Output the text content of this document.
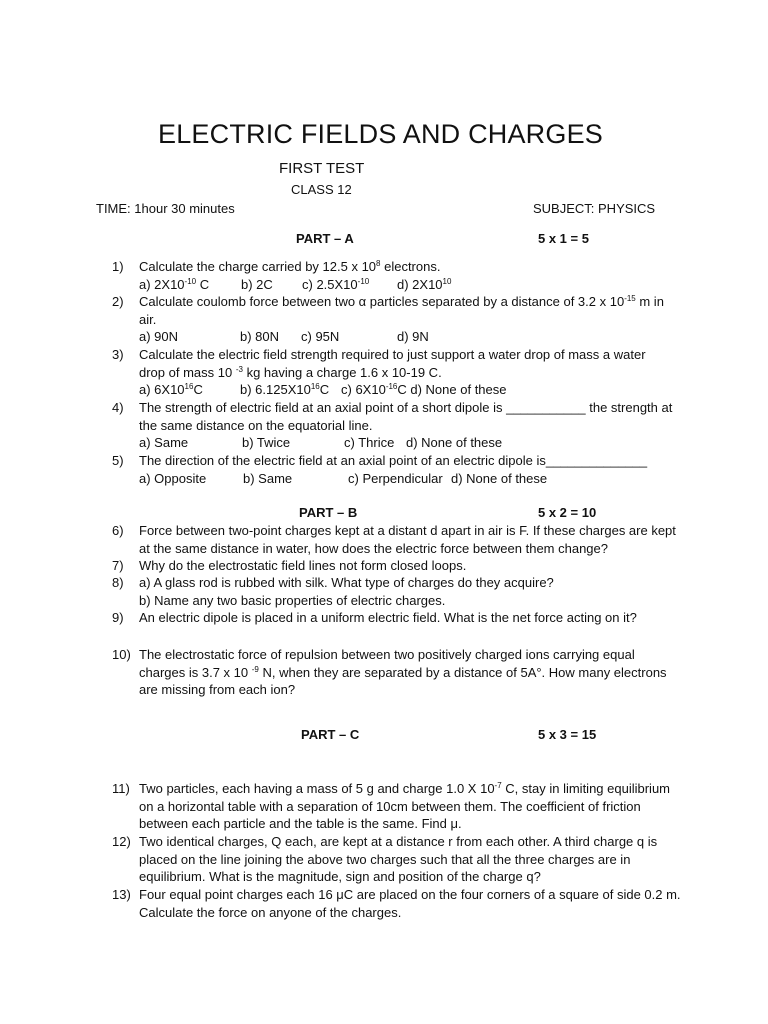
ELECTRIC FIELDS AND CHARGES
FIRST TEST
CLASS 12
TIME: 1hour 30 minutes	SUBJECT: PHYSICS
PART – A	5 x 1 = 5
1)	Calculate the charge carried by 12.5 x $10^8$ electrons.
a) $2X10^{-10}$ C b) 2C c) $2.5X10^{-10}$ d) $2X10^{10}$
2)	Calculate coulomb force between two α particles separated by a distance of 3.2 x $10^{-15}$ m in
air.
a) 90N	b) 80N c) 95N	d) 9N
3)	Calculate the electric field strength required to just support a water drop of mass a water
drop of mass 10 $^{-3}$ kg having a charge 1.6 x 10-19 C.
a) $6X10^{16}C$	b) $6.125X10^{16}C$ c) $6X10^{-16}C$ d) None of these
4)	The strength of electric field at an axial point of a short dipole is ___________ the strength at
the same distance on the equatorial line.
a) Same	b) Twice	c) Thrice d) None of these
5)	The direction of the electric field at an axial point of an electric dipole is______________
a) Opposite	b) Same	c) Perpendicular d) None of these
PART – B	5 x 2 = 10
6)	Force between two-point charges kept at a distant d apart in air is F. If these charges are kept
at the same distance in water, how does the electric force between them change?
7)	Why do the electrostatic field lines not form closed loops.
8)	a) A glass rod is rubbed with silk. What type of charges do they acquire?
b) Name any two basic properties of electric charges.
9)	An electric dipole is placed in a uniform electric field. What is the net force acting on it?
10) The electrostatic force of repulsion between two positively charged ions carrying equal
charges is 3.7 x 10 $^{-9}$ N, when they are separated by a distance of 5A°. How many electrons
are missing from each ion?
PART – C	5 x 3 = 15
11) Two particles, each having a mass of 5 g and charge 1.0 X $10^{-7}$ C, stay in limiting equilibrium
on a horizontal table with a separation of 10cm between them. The coefficient of friction
between each particle and the table is the same. Find μ.
12) Two identical charges, Q each, are kept at a distance r from each other. A third charge q is
placed on the line joining the above two charges such that all the three charges are in
equilibrium. What is the magnitude, sign and position of the charge q?
13) Four equal point charges each 16 μC are placed on the four corners of a square of side 0.2 m.
Calculate the force on anyone of the charges.
